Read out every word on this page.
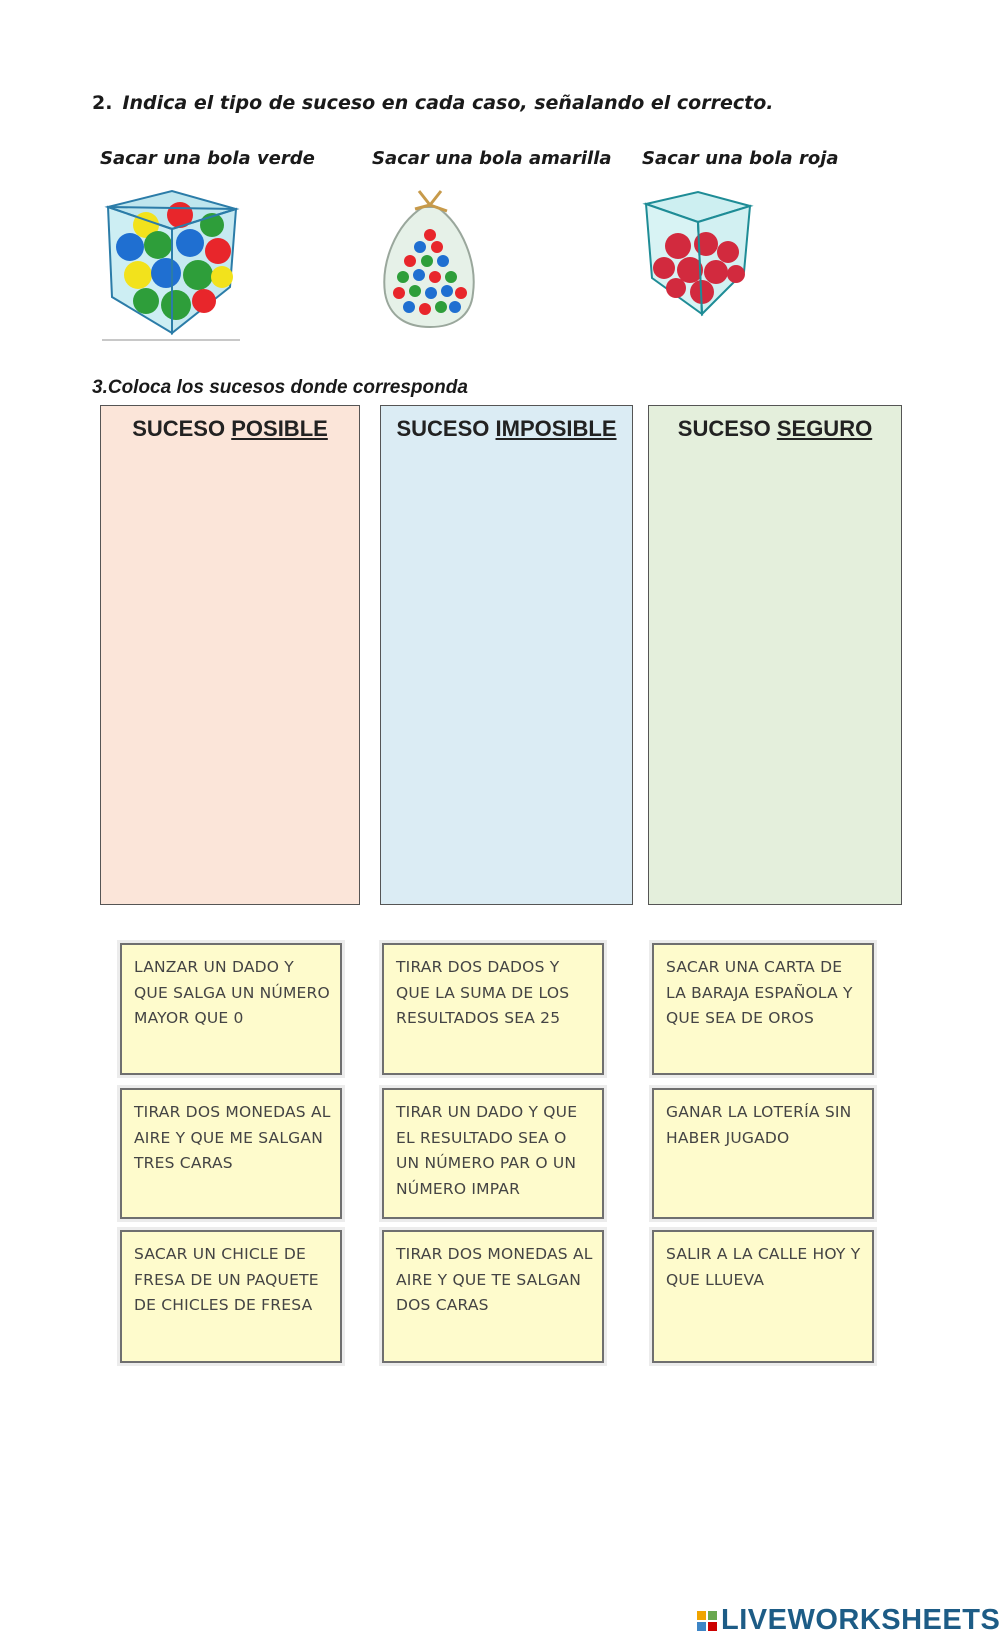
2. Indica el tipo de suceso en cada caso, señalando el correcto.
Sacar una bola verde	Sacar una bola amarilla Sacar una bola roja
3.Coloca los sucesos donde corresponda
SUCESO POSIBLE	SUCESO IMPOSIBLE	SUCESO SEGURO
LANZAR UN DADO Y QUE SALGA UN NÚMERO MAYOR QUE 0
TIRAR DOS DADOS Y QUE LA SUMA DE LOS RESULTADOS SEA 25
SACAR UNA CARTA DE LA BARAJA ESPAÑOLA Y QUE SEA DE OROS
TIRAR DOS MONEDAS AL AIRE Y QUE ME SALGAN TRES CARAS
TIRAR UN DADO Y QUE EL RESULTADO SEA O UN NÚMERO PAR O UN NÚMERO IMPAR
GANAR LA LOTERÍA SIN HABER JUGADO
SACAR UN CHICLE DE FRESA DE UN PAQUETE DE CHICLES DE FRESA
TIRAR DOS MONEDAS AL AIRE Y QUE TE SALGAN DOS CARAS
SALIR A LA CALLE HOY Y QUE LLUEVA
LIVEWORKSHEETS
